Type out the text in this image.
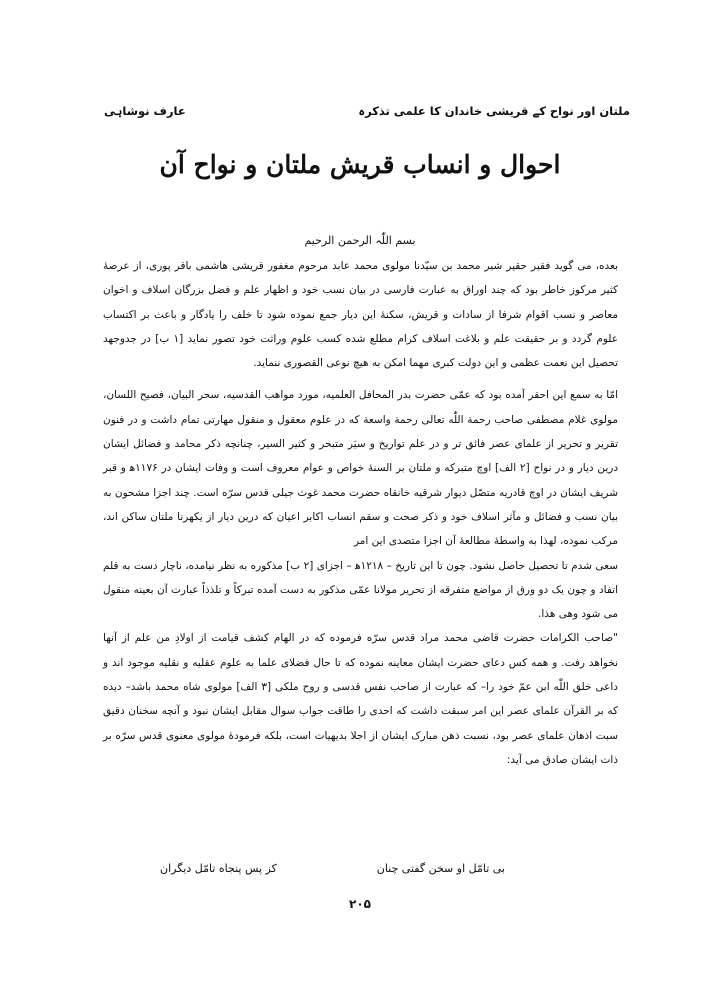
ملتان اور نواح کے قریشی خاندان کا علمی تذکرہ
عارف نوشاہی
احوال و انساب قریش ملتان و نواح آن
بسم اللّٰہ الرحمن الرحیم

بعده، می گوید فقیر حقیر شیر محمد بن سیّدنا مولوی محمد عابد مرحوم مغفور قریشی هاشمی باقر پوری، از عرصهٔ کثیر مرکوز خاطر بود که چند اوراق به عبارت فارسی در بیان نسب خود و اظهار علم و فضل بزرگان اسلاف و اخوان معاصر و نسب اقوام شرفا از سادات و قریش، سکنهٔ این دیار جمع نموده شود تا خلف را یادگار و باعث بر اکتساب علوم گردد و بر حقیقت علم و بلاغت اسلاف کرام مطلع شده کسب علوم وراثت خود تصور نماید [۱ ب] در جدوجهد تحصیل این نعمت عظمی و این دولت کبری مهما امکن به هیچ نوعی القصوری ننماید.

امّا به سمع این احقر آمده بود که عمّی حضرت بدر المحافل العلمیه، مورد مواهب القدسیه، سحر البیان، فصیح اللسان، مولوی غلام مصطفی صاحب رحمة اللّٰه تعالی رحمة واسعة که در علوم معقول و منقول مهارتی تمام داشت و در فنون تقریر و تحریر از علمای عصر فائق تر و در علم تواریخ و سیَر متبحر و کثیر السیر، چنانچه ذکر محامد و فضائل ایشان درین دیار و در نواح [۲ الف] اوچ متبرکه و ملتان بر السنهٔ خواص و عوام معروف است و وفات ایشان در ۱۱۷۶ﻫ و قبر شریف ایشان در اوچ قادریه متصّل دیوار شرقیه خانقاه حضرت محمد غوث جیلی قدس سرّه است. چند اجزا مشحون به بیان نسب و فضائل و مآثر اسلاف خود و ذکر صحت و سقم انساب اکابر اعیان که درین دیار از یکهرنا ملتان ساکن اند، مرکب نموده، لهذا به واسطهٔ مطالعهٔ آن اجزا متصدی این امر

سعی شدم تا تحصیل حاصل نشود. چون تا این تاریخ – ۱۲۱۸ﻫ – اجزای [۲ ب] مذکوره به نظر نیامده، ناچار دست به قلم اتفاد و چون یک دو ورق از مواضع متفرقه از تحریر مولانا عمّی مذکور به دست آمده تبرکاً و تلذذاً عبارت آن بعینه منقول می شود وهی هذا.

"صاحب الکرامات حضرت قاضی محمد مراد قدس سرّه فرموده که در الهام کشف قیامت از اولادِ من علم از آنها نخواهد رفت. و همه کس دعای حضرت ایشان معاینه نموده که تا حال فضلای علما به علوم عقلیه و نقلیه موجود اند و داعی خلق اللّٰه ابن عمّ خود را– که عبارت از صاحب نفس قدسی و روح ملکی [۳ الف] مولوی شاه محمد باشد– دیده که بر القرآن علمای عصر این امر سبقت داشت که احدی را طاقت جواب سوال مقابل ایشان نبود و آنچه سخنان دقیق سبت اذهان علمای عصر بود، نسبت ذهن مبارک ایشان از اجلا بدیهیات است، بلکه فرمودهٔ مولوی معنوی قدس سرّه بر ذات ایشان صادق می آید:

بی تامّل او سخن گفتی چنان
کز پس پنجاه تامّل دیگران
۲۰۵
